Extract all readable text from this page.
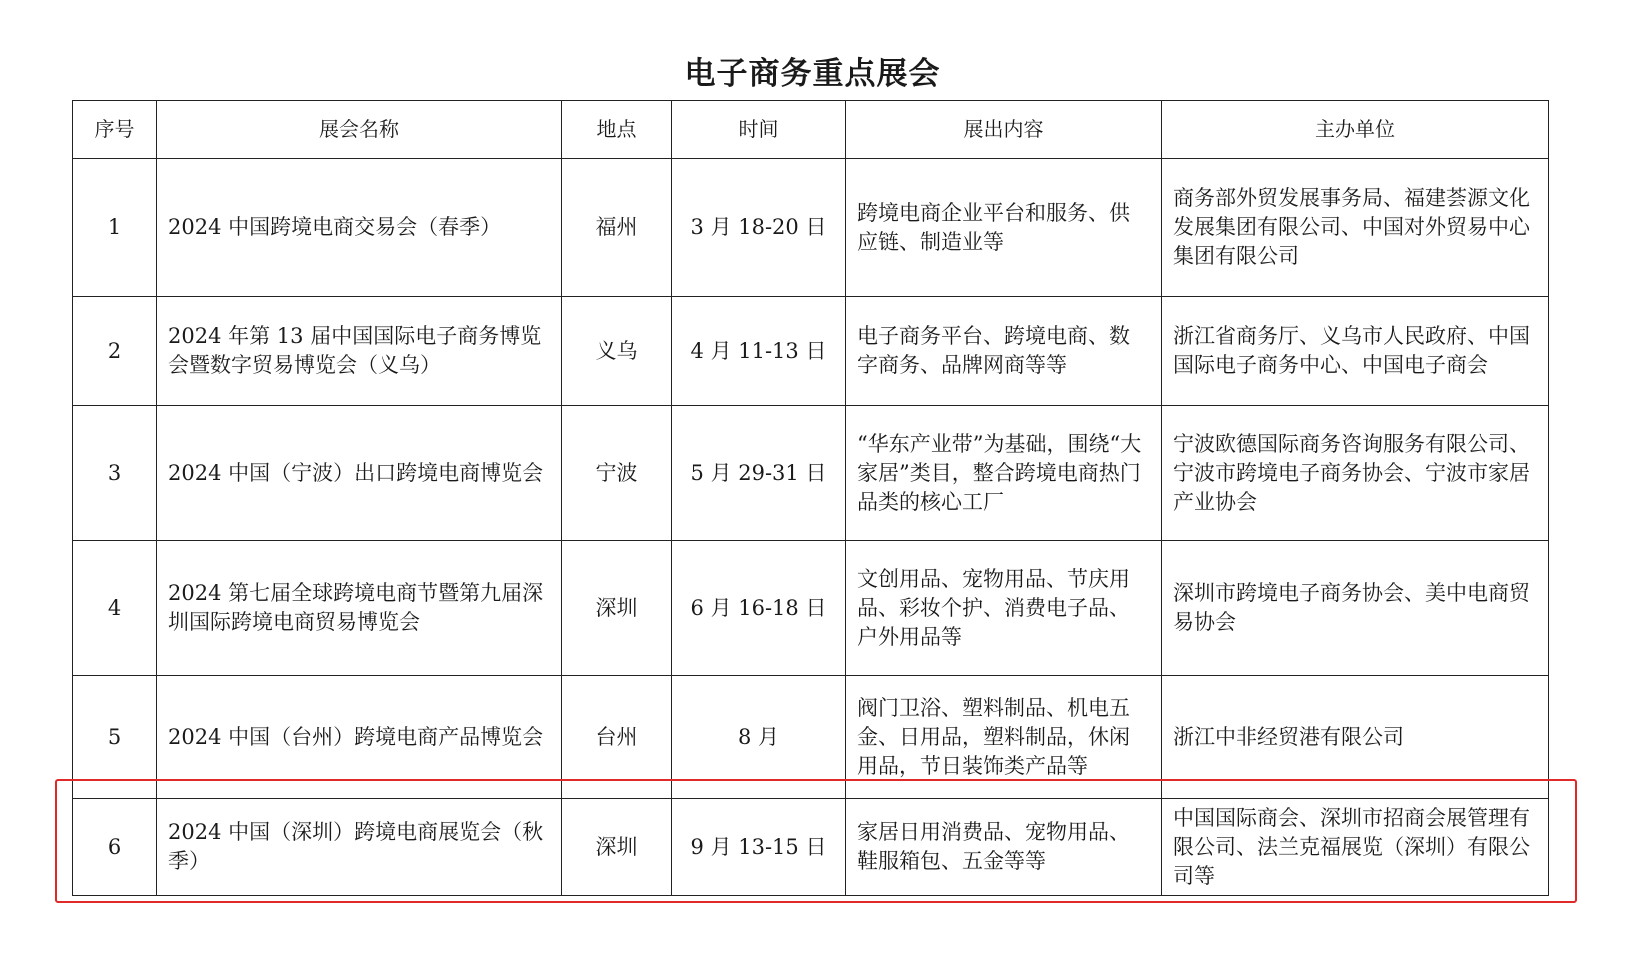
电子商务重点展会
序号	展会名称	地点	时间	展出内容	主办单位
1	2024 中国跨境电商交易会（春季）	福州	3 月 18-20 日	跨境电商企业平台和服务、供应链、制造业等	商务部外贸发展事务局、福建荟源文化发展集团有限公司、中国对外贸易中心集团有限公司
2	2024 年第 13 届中国国际电子商务博览会暨数字贸易博览会（义乌）	义乌	4 月 11-13 日	电子商务平台、跨境电商、数字商务、品牌网商等等	浙江省商务厅、义乌市人民政府、中国国际电子商务中心、中国电子商会
3	2024 中国（宁波）出口跨境电商博览会	宁波	5 月 29-31 日	“华东产业带”为基础，围绕“大家居”类目，整合跨境电商热门品类的核心工厂	宁波欧德国际商务咨询服务有限公司、宁波市跨境电子商务协会、宁波市家居产业协会
4	2024 第七届全球跨境电商节暨第九届深圳国际跨境电商贸易博览会	深圳	6 月 16-18 日	文创用品、宠物用品、节庆用品、彩妆个护、消费电子品、户外用品等	深圳市跨境电子商务协会、美中电商贸易协会
5	2024 中国（台州）跨境电商产品博览会	台州	8 月	阀门卫浴、塑料制品、机电五金、日用品，塑料制品，休闲用品，节日装饰类产品等	浙江中非经贸港有限公司
6	2024 中国（深圳）跨境电商展览会（秋季）	深圳	9 月 13-15 日	家居日用消费品、宠物用品、鞋服箱包、五金等等	中国国际商会、深圳市招商会展管理有限公司、法兰克福展览（深圳）有限公司等
